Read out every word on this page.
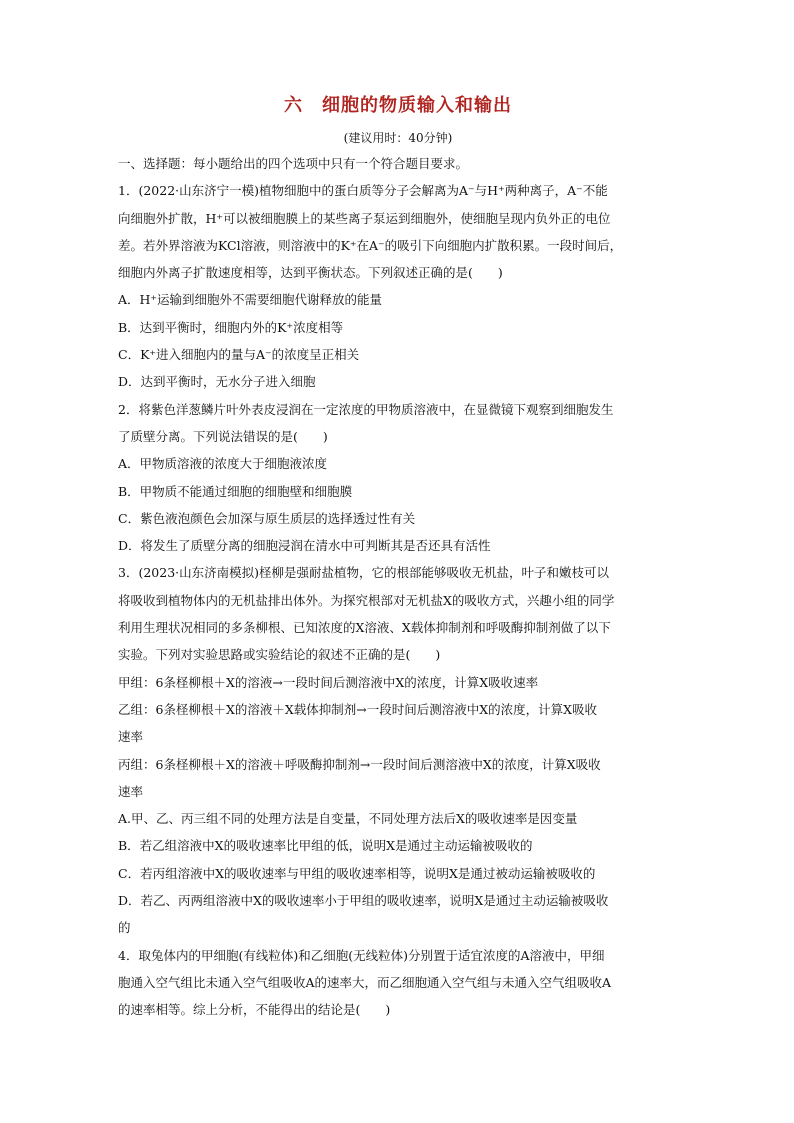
六　细胞的物质输入和输出
(建议用时：40分钟)
一、选择题：每小题给出的四个选项中只有一个符合题目要求。
1．(2022·山东济宁一模)植物细胞中的蛋白质等分子会解离为A⁻与H⁺两种离子，A⁻不能
向细胞外扩散，H⁺可以被细胞膜上的某些离子泵运到细胞外，使细胞呈现内负外正的电位
差。若外界溶液为KCl溶液，则溶液中的K⁺在A⁻的吸引下向细胞内扩散积累。一段时间后，
细胞内外离子扩散速度相等，达到平衡状态。下列叙述正确的是(　　)
A．H⁺运输到细胞外不需要细胞代谢释放的能量
B．达到平衡时，细胞内外的K⁺浓度相等
C．K⁺进入细胞内的量与A⁻的浓度呈正相关
D．达到平衡时，无水分子进入细胞
2．将紫色洋葱鳞片叶外表皮浸润在一定浓度的甲物质溶液中，在显微镜下观察到细胞发生
了质壁分离。下列说法错误的是(　　)
A．甲物质溶液的浓度大于细胞液浓度
B．甲物质不能通过细胞的细胞壁和细胞膜
C．紫色液泡颜色会加深与原生质层的选择透过性有关
D．将发生了质壁分离的细胞浸润在清水中可判断其是否还具有活性
3．(2023·山东济南模拟)柽柳是强耐盐植物，它的根部能够吸收无机盐，叶子和嫩枝可以
将吸收到植物体内的无机盐排出体外。为探究根部对无机盐X的吸收方式，兴趣小组的同学
利用生理状况相同的多条柳根、已知浓度的X溶液、X载体抑制剂和呼吸酶抑制剂做了以下
实验。下列对实验思路或实验结论的叙述不正确的是(　　)
甲组：6条柽柳根＋X的溶液→一段时间后测溶液中X的浓度，计算X吸收速率
乙组：6条柽柳根＋X的溶液＋X载体抑制剂→一段时间后测溶液中X的浓度，计算X吸收
速率
丙组：6条柽柳根＋X的溶液＋呼吸酶抑制剂→一段时间后测溶液中X的浓度，计算X吸收
速率
A.甲、乙、丙三组不同的处理方法是自变量，不同处理方法后X的吸收速率是因变量
B．若乙组溶液中X的吸收速率比甲组的低，说明X是通过主动运输被吸收的
C．若丙组溶液中X的吸收速率与甲组的吸收速率相等，说明X是通过被动运输被吸收的
D．若乙、丙两组溶液中X的吸收速率小于甲组的吸收速率，说明X是通过主动运输被吸收
的
4．取兔体内的甲细胞(有线粒体)和乙细胞(无线粒体)分别置于适宜浓度的A溶液中，甲细
胞通入空气组比未通入空气组吸收A的速率大，而乙细胞通入空气组与未通入空气组吸收A
的速率相等。综上分析，不能得出的结论是(　　)
